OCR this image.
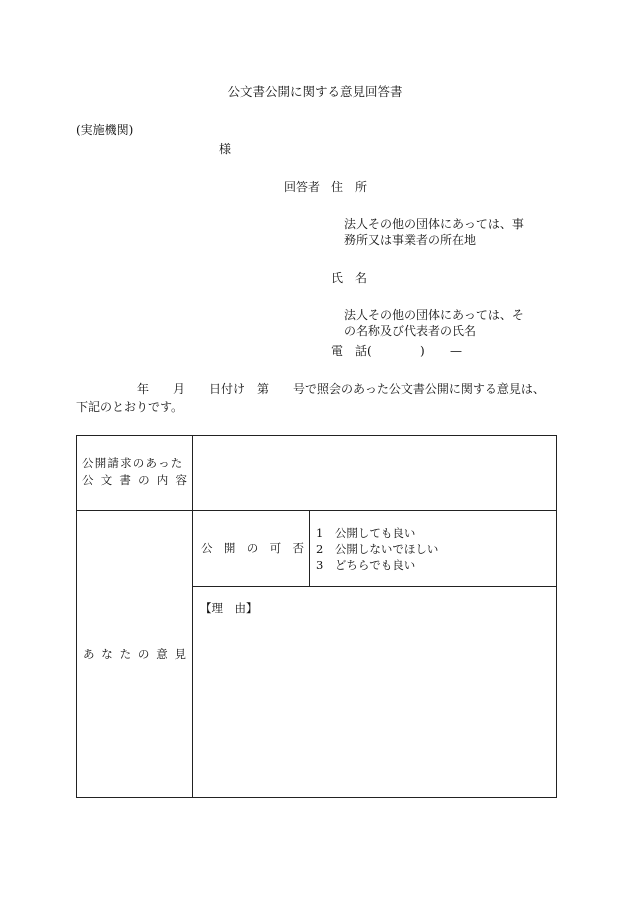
公文書公開に関する意見回答書
(実施機関)
様
回答者 住　所
法人その他の団体にあっては、事
務所又は事業者の所在地
氏　名
法人その他の団体にあっては、そ
の名称及び代表者の氏名
電　話(	) —
年 月 日付け　第 号で照会のあった公文書公開に関する意見は、
下記のとおりです。
公開請求のあった
公 文 書 の 内 容
あ な た の 意 見
公 開 の 可 否
1　公開しても良い
2　公開しないでほしい
3　どちらでも良い
【理　由】
